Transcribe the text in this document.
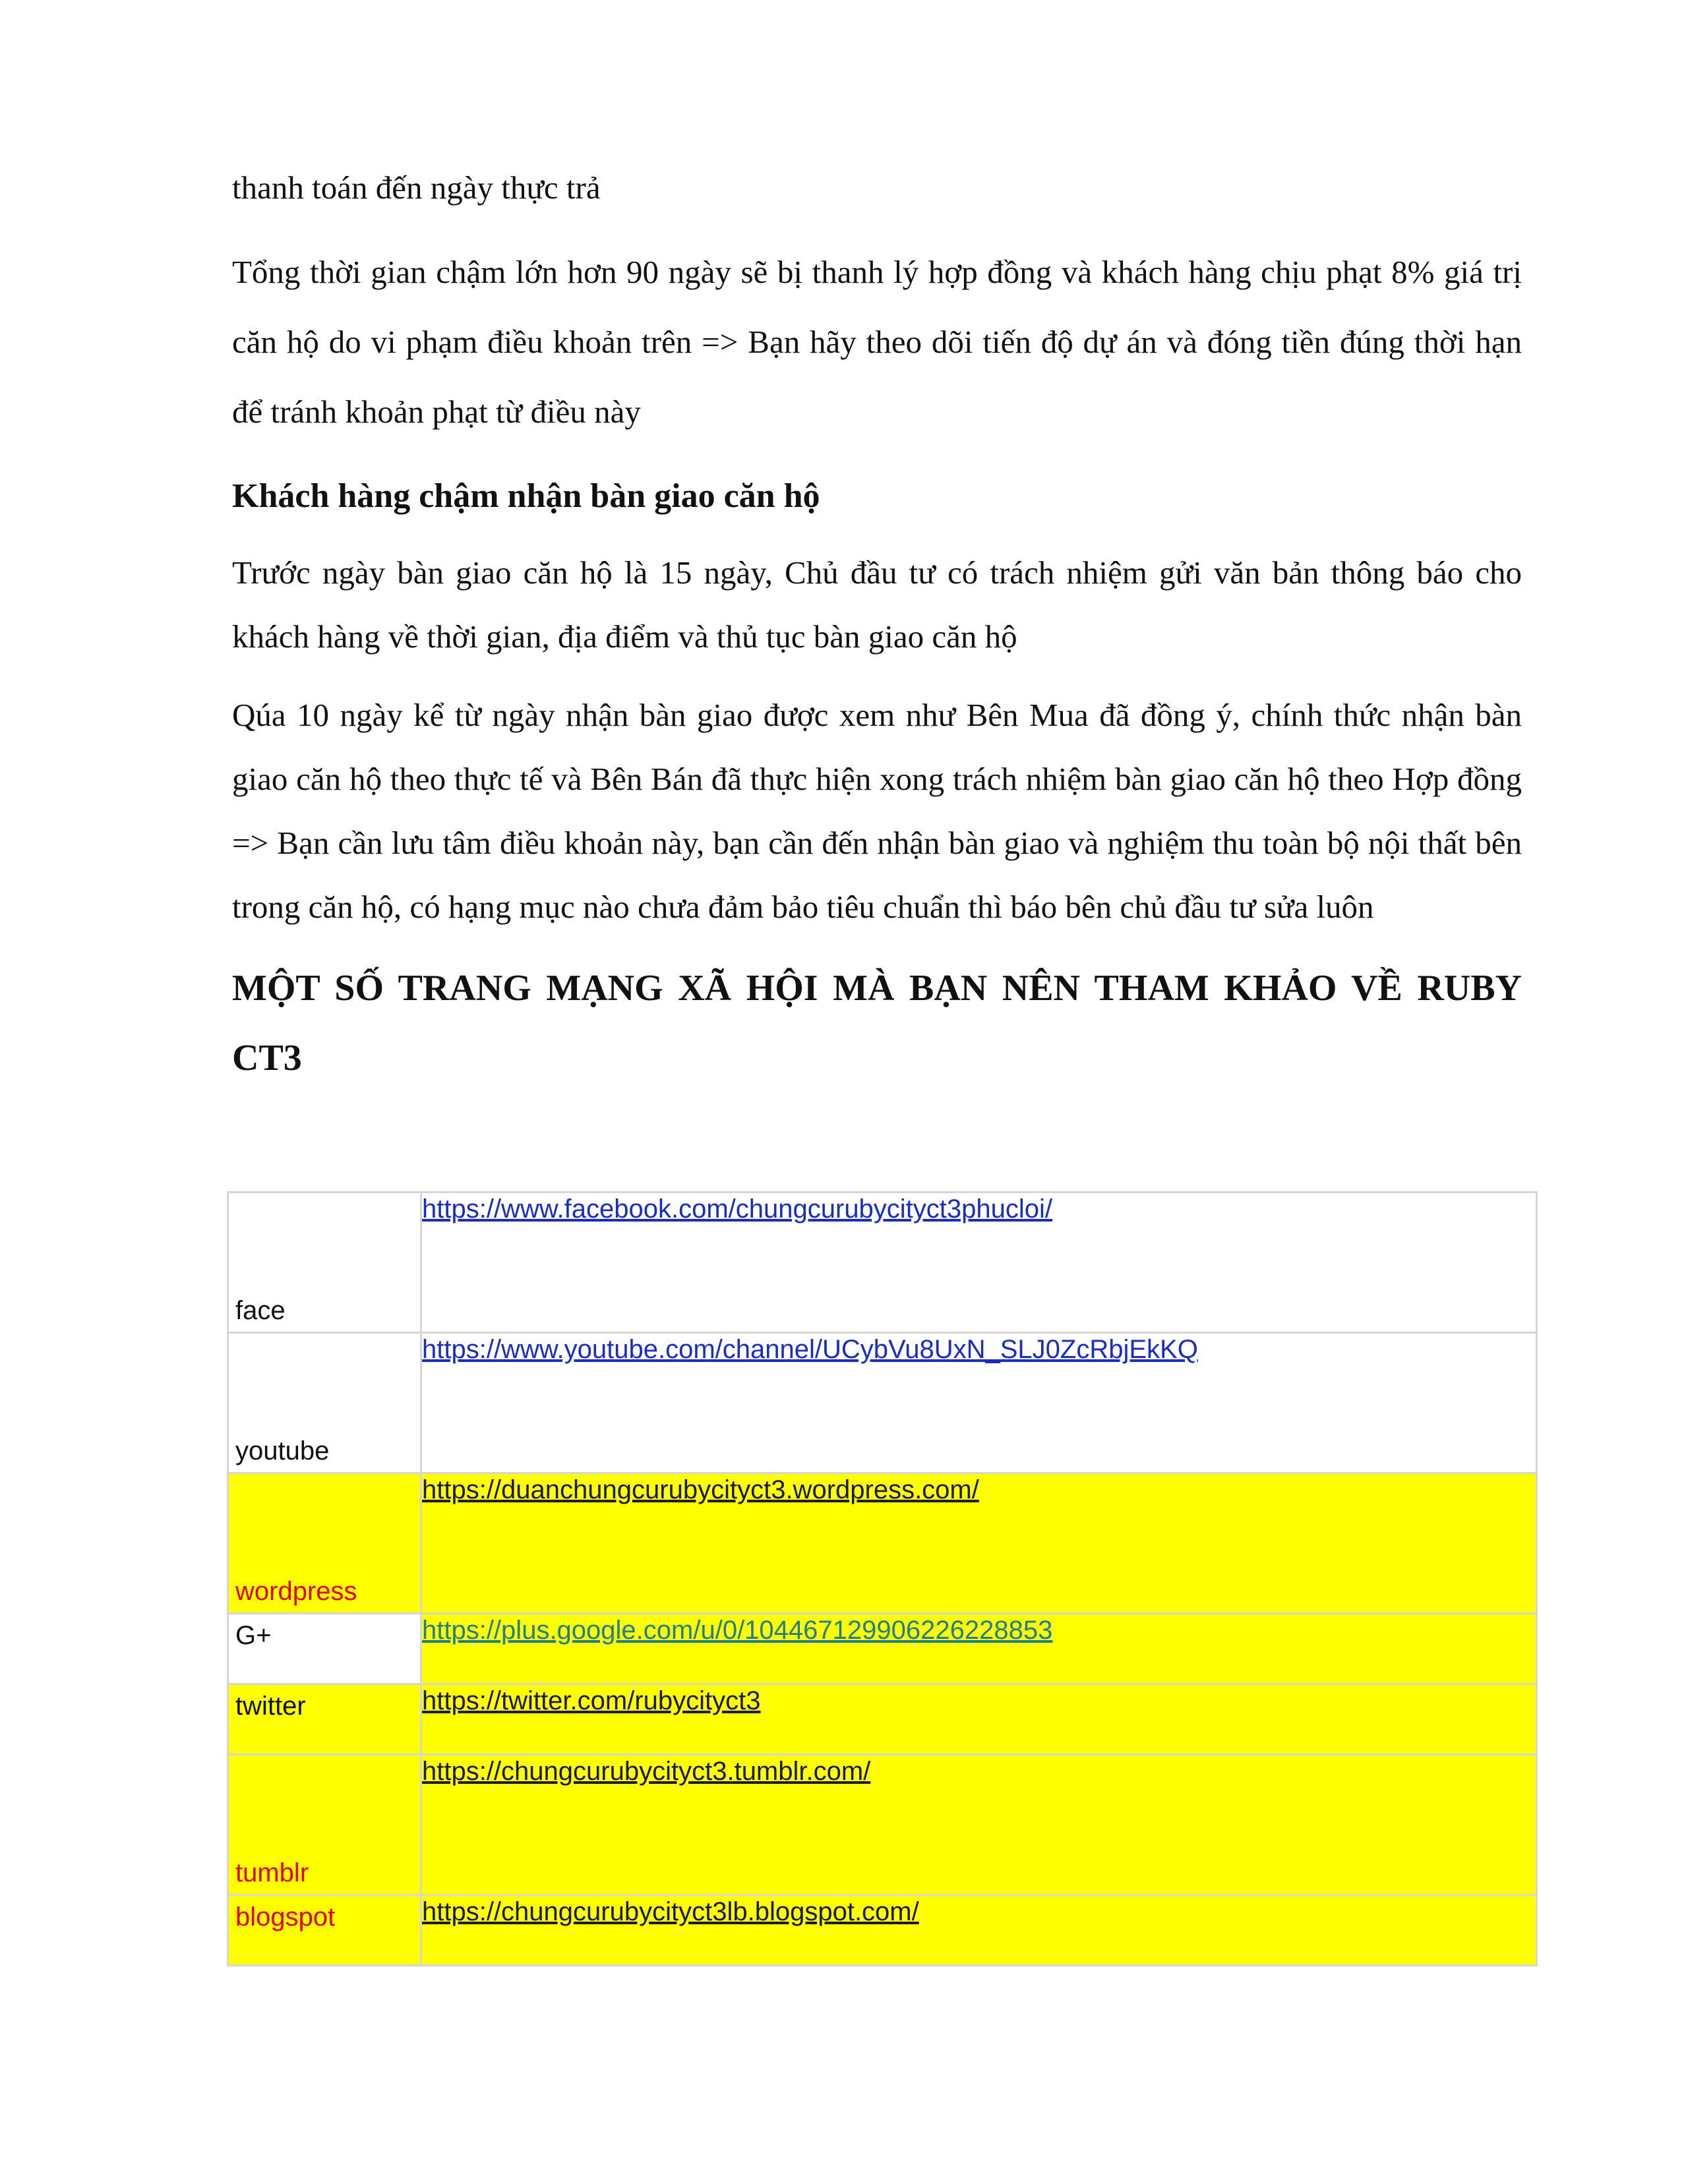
thanh toán đến ngày thực trả

Tổng thời gian chậm lớn hơn 90 ngày sẽ bị thanh lý hợp đồng và khách hàng chịu phạt 8% giá trị căn hộ do vi phạm điều khoản trên => Bạn hãy theo dõi tiến độ dự án và đóng tiền đúng thời hạn để tránh khoản phạt từ điều này

Khách hàng chậm nhận bàn giao căn hộ

Trước ngày bàn giao căn hộ là 15 ngày, Chủ đầu tư có trách nhiệm gửi văn bản thông báo cho khách hàng về thời gian, địa điểm và thủ tục bàn giao căn hộ

Qúa 10 ngày kể từ ngày nhận bàn giao được xem như Bên Mua đã đồng ý, chính thức nhận bàn giao căn hộ theo thực tế và Bên Bán đã thực hiện xong trách nhiệm bàn giao căn hộ theo Hợp đồng => Bạn cần lưu tâm điều khoản này, bạn cần đến nhận bàn giao và nghiệm thu toàn bộ nội thất bên trong căn hộ, có hạng mục nào chưa đảm bảo tiêu chuẩn thì báo bên chủ đầu tư sửa luôn

MỘT SỐ TRANG MẠNG XÃ HỘI MÀ BẠN NÊN THAM KHẢO VỀ RUBY CT3
face	https://www.facebook.com/chungcurubycityct3phucloi/

youtube	https://www.youtube.com/channel/UCybVu8UxN_SLJ0ZcRbjEkKQ

wordpress	https://duanchungcurubycityct3.wordpress.com/

G+	https://plus.google.com/u/0/104467129906226228853

twitter	https://twitter.com/rubycityct3

tumblr	https://chungcurubycityct3.tumblr.com/

blogspot	https://chungcurubycityct3lb.blogspot.com/
